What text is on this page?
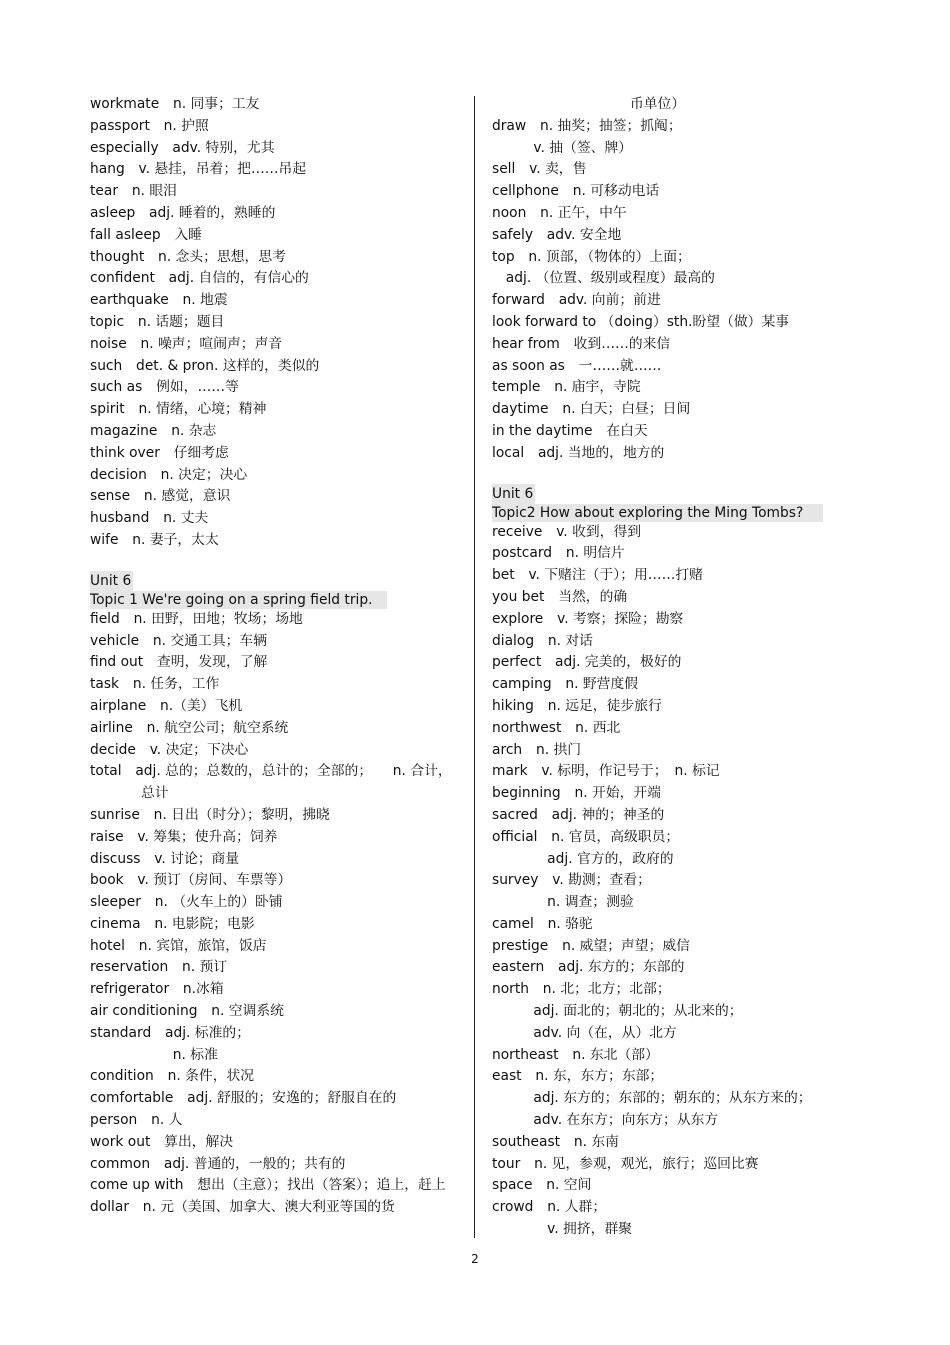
workmate　n. 同事；工友
passport　n. 护照
especially　adv. 特别，尤其
hang　v. 悬挂，吊着；把……吊起
tear　n. 眼泪
asleep　adj. 睡着的，熟睡的
fall asleep　入睡
thought　n. 念头；思想，思考
confident　adj. 自信的，有信心的
earthquake　n. 地震
topic　n. 话题；题目
noise　n. 噪声；喧闹声；声音
such　det. & pron. 这样的，类似的
such as　例如，……等
spirit　n. 情绪，心境；精神
magazine　n. 杂志
think over　仔细考虑
decision　n. 决定；决心
sense　n. 感觉，意识
husband　n. 丈夫
wife　n. 妻子，太太
Unit 6
Topic 1 We're going on a spring field trip.
field　n. 田野，田地；牧场；场地
vehicle　n. 交通工具；车辆
find out　查明，发现，了解
task　n. 任务，工作
airplane　n.（美）飞机
airline　n. 航空公司；航空系统
decide　v. 决定；下决心
total　adj. 总的；总数的，总计的；全部的；　　n. 合计，总计
sunrise　n. 日出（时分）；黎明，拂晓
raise　v. 筹集；使升高；饲养
discuss　v. 讨论；商量
book　v. 预订（房间、车票等）
sleeper　n. （火车上的）卧铺
cinema　n. 电影院；电影
hotel　n. 宾馆，旅馆，饭店
reservation　n. 预订
refrigerator　n.冰箱
air conditioning　n. 空调系统
standard　adj. 标准的；
　　　　　　n. 标准
condition　n. 条件，状况
comfortable　adj. 舒服的；安逸的；舒服自在的
person　n. 人
work out　算出，解决
common　adj. 普通的，一般的；共有的
come up with　想出（主意）；找出（答案）；追上，赶上
dollar　n. 元（美国、加拿大、澳大利亚等国的货
　　　　　　　　　　币单位）
draw　n. 抽奖；抽签；抓阄；
　　　v. 抽（签、牌）
sell　v. 卖，售
cellphone　n. 可移动电话
noon　n. 正午，中午
safely　adv. 安全地
top　n. 顶部，（物体的）上面；
　adj. （位置、级别或程度）最高的
forward　adv. 向前；前进
look forward to （doing）sth.盼望（做）某事
hear from　收到……的来信
as soon as　一……就……
temple　n. 庙宇，寺院
daytime　n. 白天；白昼；日间
in the daytime　在白天
local　adj. 当地的，地方的
Unit 6
Topic2 How about exploring the Ming Tombs?
receive　v. 收到，得到
postcard　n. 明信片
bet　v. 下赌注（于）；用……打赌
you bet　当然，的确
explore　v. 考察；探险；勘察
dialog　n. 对话
perfect　adj. 完美的，极好的
camping　n. 野营度假
hiking　n. 远足，徒步旅行
northwest　n. 西北
arch　n. 拱门
mark　v. 标明，作记号于；　n. 标记
beginning　n. 开始，开端
sacred　adj. 神的；神圣的
official　n. 官员，高级职员；
　　　　adj. 官方的，政府的
survey　v. 勘测；查看；
　　　　n. 调查；测验
camel　n. 骆驼
prestige　n. 威望；声望；威信
eastern　adj. 东方的；东部的
north　n. 北；北方；北部；
　　　adj. 面北的；朝北的；从北来的；
　　　adv. 向（在，从）北方
northeast　n. 东北（部）
east　n. 东，东方；东部；
　　　adj. 东方的；东部的；朝东的；从东方来的；
　　　adv. 在东方；向东方；从东方
southeast　n. 东南
tour　n. 见，参观，观光，旅行；巡回比赛
space　n. 空间
crowd　n. 人群；
　　　　v. 拥挤，群聚
2
